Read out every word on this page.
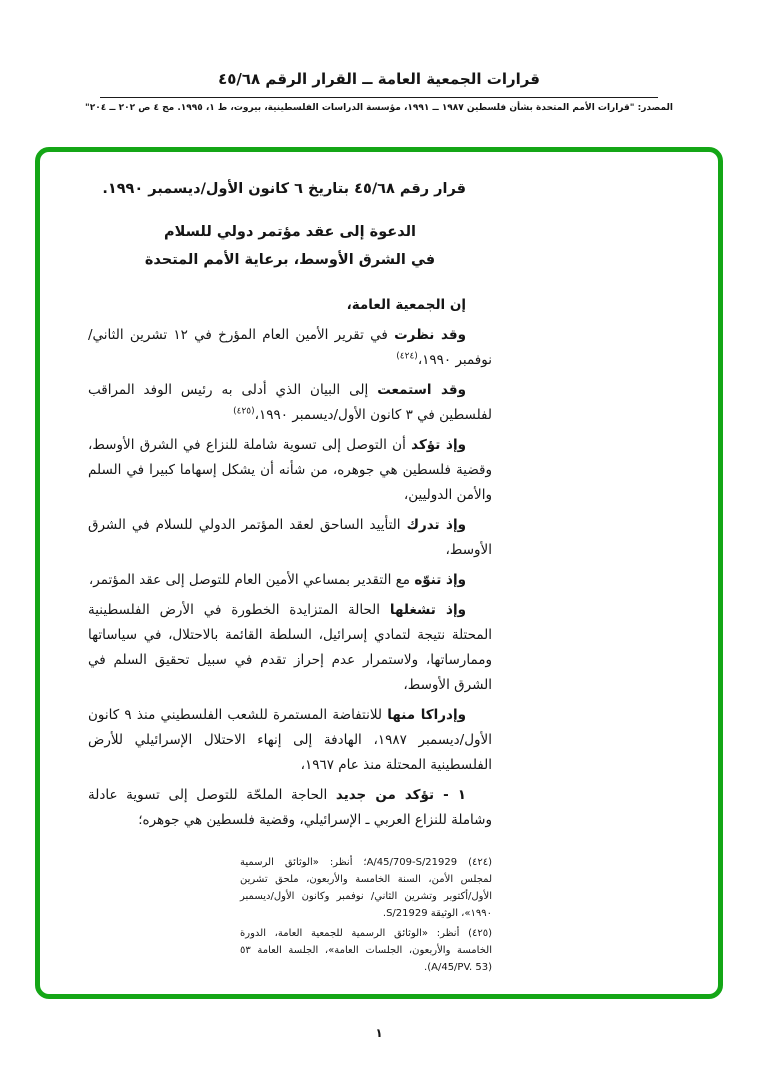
قرارات الجمعية العامة ــ القرار الرقم ٤٥/٦٨

المصدر: "قرارات الأمم المتحدة بشأن فلسطين ١٩٨٧ ــ ١٩٩١، مؤسسة الدراسات الفلسطينية، بيروت، ط ١، ١٩٩٥. مج ٤ ص ٢٠٢ ــ ٢٠٤"

قرار رقم ٤٥/٦٨ بتاريخ ٦ كانون الأول/ديسمبر ١٩٩٠.

الدعوة إلى عقد مؤتمر دولي للسلام
في الشرق الأوسط، برعاية الأمم المتحدة

إن الجمعية العامة،

وقد نظرت في تقرير الأمين العام المؤرخ في ١٢ تشرين الثاني/ نوفمبر ١٩٩٠،$^{(٤٢٤)}$

وقد استمعت إلى البيان الذي أدلى به رئيس الوفد المراقب لفلسطين في ٣ كانون الأول/ديسمبر ١٩٩٠،$^{(٤٢٥)}$

وإذ تؤكد أن التوصل إلى تسوية شاملة للنزاع في الشرق الأوسط، وقضية فلسطين هي جوهره، من شأنه أن يشكل إسهاما كبيرا في السلم والأمن الدوليين،

وإذ تدرك التأييد الساحق لعقد المؤتمر الدولي للسلام في الشرق الأوسط،

وإذ تنوّه مع التقدير بمساعي الأمين العام للتوصل إلى عقد المؤتمر،

وإذ تشغلها الحالة المتزايدة الخطورة في الأرض الفلسطينية المحتلة نتيجة لتمادي إسرائيل، السلطة القائمة بالاحتلال، في سياساتها وممارساتها، ولاستمرار عدم إحراز تقدم في سبيل تحقيق السلم في الشرق الأوسط،

وإدراكا منها للانتفاضة المستمرة للشعب الفلسطيني منذ ٩ كانون الأول/ديسمبر ١٩٨٧، الهادفة إلى إنهاء الاحتلال الإسرائيلي للأرض الفلسطينية المحتلة منذ عام ١٩٦٧،

١ - تؤكد من جديد الحاجة الملحّة للتوصل إلى تسوية عادلة وشاملة للنزاع العربي ـ الإسرائيلي، وقضية فلسطين هي جوهره؛

(٤٢٤) A/45/709-S/21929؛ أنظر: «الوثائق الرسمية لمجلس الأمن، السنة الخامسة والأربعون، ملحق تشرين الأول/أكتوبر وتشرين الثاني/ نوفمبر وكانون الأول/ديسمبر ١٩٩٠»، الوثيقة S/21929.

(٤٢٥) أنظر: «الوثائق الرسمية للجمعية العامة، الدورة الخامسة والأربعون، الجلسات العامة»، الجلسة العامة ٥٣ (A/45/PV. 53).

١
